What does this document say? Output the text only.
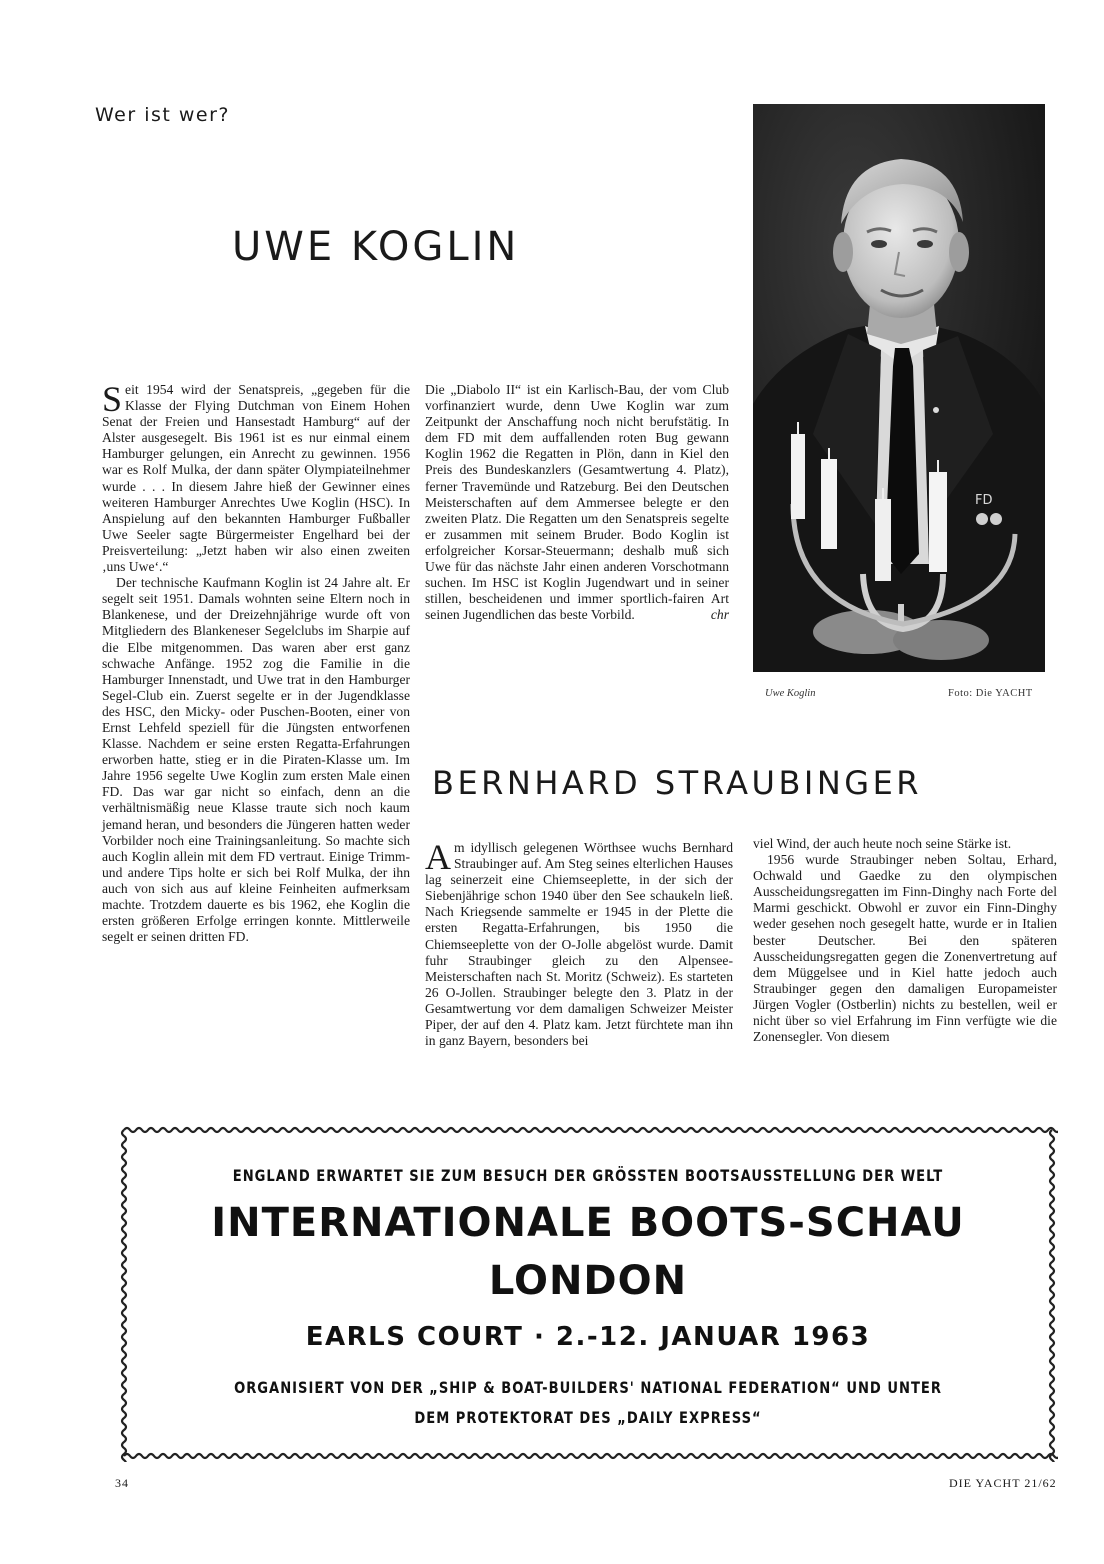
Wer ist wer?
UWE KOGLIN

Seit 1954 wird der Senatspreis, „gegeben für die Klasse der Flying Dutchman von Einem Hohen Senat der Freien und Hansestadt Hamburg“ auf der Alster ausgesegelt. Bis 1961 ist es nur einmal einem Hamburger gelungen, ein Anrecht zu gewinnen. 1956 war es Rolf Mulka, der dann später Olympiateilnehmer wurde . . . In diesem Jahre hieß der Gewinner eines weiteren Hamburger Anrechtes Uwe Koglin (HSC). In Anspielung auf den bekannten Hamburger Fußballer Uwe Seeler sagte Bürgermeister Engelhard bei der Preisverteilung: „Jetzt haben wir also einen zweiten ‚uns Uwe‘.“

Der technische Kaufmann Koglin ist 24 Jahre alt. Er segelt seit 1951. Damals wohnten seine Eltern noch in Blankenese, und der Dreizehnjährige wurde oft von Mitgliedern des Blankeneser Segelclubs im Sharpie auf die Elbe mitgenommen. Das waren aber erst ganz schwache Anfänge. 1952 zog die Familie in die Hamburger Innenstadt, und Uwe trat in den Hamburger Segel-Club ein. Zuerst segelte er in der Jugendklasse des HSC, den Micky- oder Puschen-Booten, einer von Ernst Lehfeld speziell für die Jüngsten entworfenen Klasse. Nachdem er seine ersten Regatta-Erfahrungen erworben hatte, stieg er in die Piraten-Klasse um. Im Jahre 1956 segelte Uwe Koglin zum ersten Male einen FD. Das war gar nicht so einfach, denn an die verhältnismäßig neue Klasse traute sich noch kaum jemand heran, und besonders die Jüngeren hatten weder Vorbilder noch eine Trainingsanleitung. So machte sich auch Koglin allein mit dem FD vertraut. Einige Trimm- und andere Tips holte er sich bei Rolf Mulka, der ihn auch von sich aus auf kleine Feinheiten aufmerksam machte. Trotzdem dauerte es bis 1962, ehe Koglin die ersten größeren Erfolge erringen konnte. Mittlerweile segelt er seinen dritten FD.

Die „Diabolo II“ ist ein Karlisch-Bau, der vom Club vorfinanziert wurde, denn Uwe Koglin war zum Zeitpunkt der Anschaffung noch nicht berufstätig. In dem FD mit dem auffallenden roten Bug gewann Koglin 1962 die Regatten in Plön, dann in Kiel den Preis des Bundeskanzlers (Gesamtwertung 4. Platz), ferner Travemünde und Ratzeburg. Bei den Deutschen Meisterschaften auf dem Ammersee belegte er den zweiten Platz. Die Regatten um den Senatspreis segelte er zusammen mit seinem Bruder. Bodo Koglin ist erfolgreicher Korsar-Steuermann; deshalb muß sich Uwe für das nächste Jahr einen anderen Vorschotmann suchen. Im HSC ist Koglin Jugendwart und in seiner stillen, bescheidenen und immer sportlich-fairen Art seinen Jugendlichen das beste Vorbild.	chr

FD
Uwe Koglin	Foto: Die YACHT
BERNHARD STRAUBINGER

Am idyllisch gelegenen Wörthsee wuchs Bernhard Straubinger auf. Am Steg seines elterlichen Hauses lag seinerzeit eine Chiemseeplette, in der sich der Siebenjährige schon 1940 über den See schaukeln ließ. Nach Kriegsende sammelte er 1945 in der Plette die ersten Regatta-Erfahrungen, bis 1950 die Chiemseeplette von der O-Jolle abgelöst wurde. Damit fuhr Straubinger gleich zu den Alpensee-Meisterschaften nach St. Moritz (Schweiz). Es starteten 26 O-Jollen. Straubinger belegte den 3. Platz in der Gesamtwertung vor dem damaligen Schweizer Meister Piper, der auf den 4. Platz kam. Jetzt fürchtete man ihn in ganz Bayern, besonders bei

viel Wind, der auch heute noch seine Stärke ist.

1956 wurde Straubinger neben Soltau, Erhard, Ochwald und Gaedke zu den olympischen Ausscheidungsregatten im Finn-Dinghy nach Forte del Marmi geschickt. Obwohl er zuvor ein Finn-Dinghy weder gesehen noch gesegelt hatte, wurde er in Italien bester Deutscher. Bei den späteren Ausscheidungsregatten gegen die Zonenvertretung auf dem Müggelsee und in Kiel hatte jedoch auch Straubinger gegen den damaligen Europameister Jürgen Vogler (Ostberlin) nichts zu bestellen, weil er nicht über so viel Erfahrung im Finn verfügte wie die Zonensegler. Von diesem

ENGLAND ERWARTET SIE ZUM BESUCH DER GRÖSSTEN BOOTSAUSSTELLUNG DER WELT
INTERNATIONALE BOOTS-SCHAU
LONDON
EARLS COURT · 2.-12. JANUAR 1963
ORGANISIERT VON DER „SHIP & BOAT-BUILDERS' NATIONAL FEDERATION“ UND UNTER
DEM PROTEKTORAT DES „DAILY EXPRESS“
34	DIE YACHT 21/62
